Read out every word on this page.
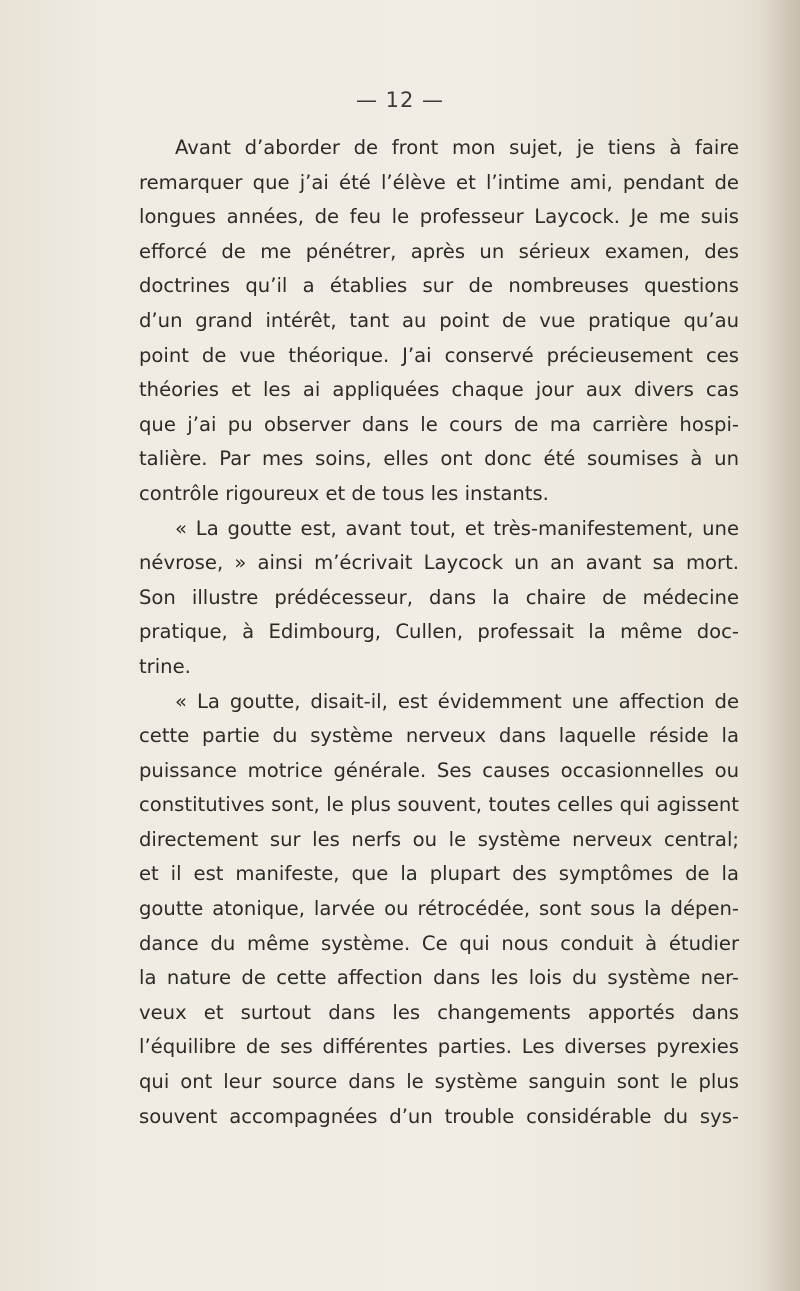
— 12 —
Avant d’aborder de front mon sujet, je tiens à faire
remarquer que j’ai été l’élève et l’intime ami, pendant de
longues années, de feu le professeur Laycock. Je me suis
efforcé de me pénétrer, après un sérieux examen, des
doctrines qu’il a établies sur de nombreuses questions
d’un grand intérêt, tant au point de vue pratique qu’au
point de vue théorique. J’ai conservé précieusement ces
théories et les ai appliquées chaque jour aux divers cas
que j’ai pu observer dans le cours de ma carrière hospi-
talière. Par mes soins, elles ont donc été soumises à un
contrôle rigoureux et de tous les instants.
« La goutte est, avant tout, et très-manifestement, une
névrose, » ainsi m’écrivait Laycock un an avant sa mort.
Son illustre prédécesseur, dans la chaire de médecine
pratique, à Edimbourg, Cullen, professait la même doc-
trine.
« La goutte, disait-il, est évidemment une affection de
cette partie du système nerveux dans laquelle réside la
puissance motrice générale. Ses causes occasionnelles ou
constitutives sont, le plus souvent, toutes celles qui agissent
directement sur les nerfs ou le système nerveux central;
et il est manifeste, que la plupart des symptômes de la
goutte atonique, larvée ou rétrocédée, sont sous la dépen-
dance du même système. Ce qui nous conduit à étudier
la nature de cette affection dans les lois du système ner-
veux et surtout dans les changements apportés dans
l’équilibre de ses différentes parties. Les diverses pyrexies
qui ont leur source dans le système sanguin sont le plus
souvent accompagnées d’un trouble considérable du sys-
